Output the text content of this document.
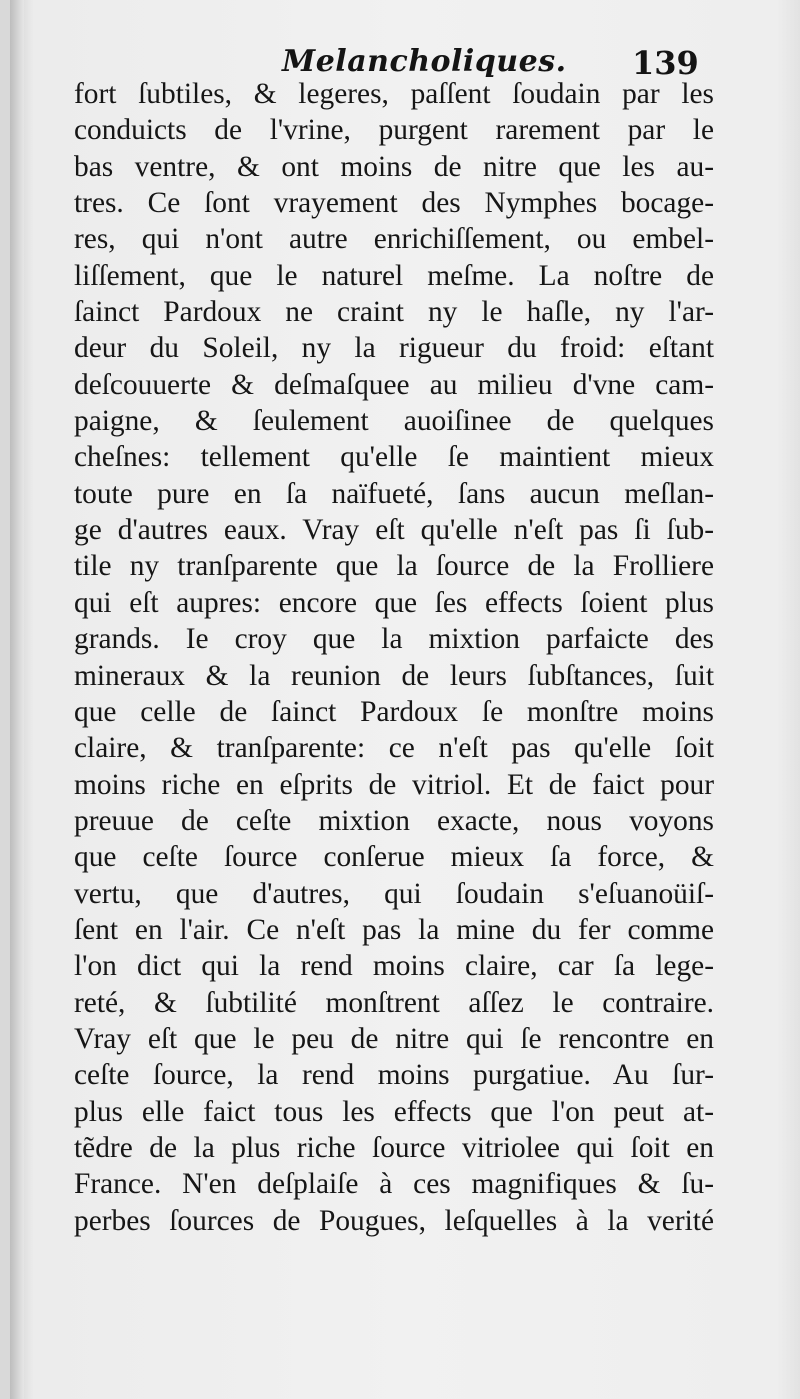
Melancholiques. 139
fort ſubtiles, & legeres, paſſent ſoudain par les
conduicts de l'vrine, purgent rarement par le
bas ventre, & ont moins de nitre que les au-
tres. Ce ſont vrayement des Nymphes bocage-
res, qui n'ont autre enrichiſſement, ou embel-
liſſement, que le naturel meſme. La noſtre de
ſainct Pardoux ne craint ny le haſle, ny l'ar-
deur du Soleil, ny la rigueur du froid: eſtant
deſcouuerte & deſmaſquee au milieu d'vne cam-
paigne, & ſeulement auoiſinee de quelques
cheſnes: tellement qu'elle ſe maintient mieux
toute pure en ſa naïfueté, ſans aucun meſlan-
ge d'autres eaux. Vray eſt qu'elle n'eſt pas ſi ſub-
tile ny tranſparente que la ſource de la Frolliere
qui eſt aupres: encore que ſes effects ſoient plus
grands. Ie croy que la mixtion parfaicte des
mineraux & la reunion de leurs ſubſtances, ſuit
que celle de ſainct Pardoux ſe monſtre moins
claire, & tranſparente: ce n'eſt pas qu'elle ſoit
moins riche en eſprits de vitriol. Et de faict pour
preuue de ceſte mixtion exacte, nous voyons
que ceſte ſource conſerue mieux ſa force, &
vertu, que d'autres, qui ſoudain s'eſuanoüiſ-
ſent en l'air. Ce n'eſt pas la mine du fer comme
l'on dict qui la rend moins claire, car ſa lege-
reté, & ſubtilité monſtrent aſſez le contraire.
Vray eſt que le peu de nitre qui ſe rencontre en
ceſte ſource, la rend moins purgatiue. Au ſur-
plus elle faict tous les effects que l'on peut at-
tẽdre de la plus riche ſource vitriolee qui ſoit en
France. N'en deſplaiſe à ces magnifiques & ſu-
perbes ſources de Pougues, leſquelles à la verité
